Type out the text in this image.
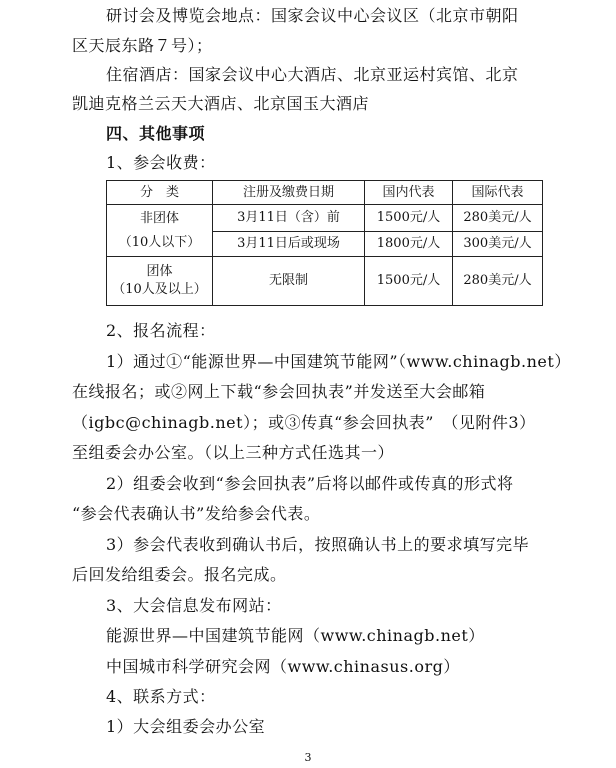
研讨会及博览会地点：国家会议中心会议区（北京市朝阳
区天辰东路７号）；
住宿酒店：国家会议中心大酒店、北京亚运村宾馆、北京
凯迪克格兰云天大酒店、北京国玉大酒店
四、其他事项
1、参会收费：
分　类	注册及缴费日期	国内代表	国际代表

非团体
（10人以下）	3月11日（含）前	1500元/人	280美元/人
	3月11日后或现场	1800元/人	300美元/人

团体
（10人及以上）	无限制	1500元/人	280美元/人
2、报名流程：
1）通过①“能源世界—中国建筑节能网”（www.chinagb.net）
在线报名；或②网上下载“参会回执表”并发送至大会邮箱
（igbc@chinagb.net）；或③传真“参会回执表”　（见附件3）
至组委会办公室。（以上三种方式任选其一）
2）组委会收到“参会回执表”后将以邮件或传真的形式将
“参会代表确认书”发给参会代表。
3）参会代表收到确认书后，按照确认书上的要求填写完毕
后回发给组委会。报名完成。
3、大会信息发布网站：
能源世界—中国建筑节能网（www.chinagb.net）
中国城市科学研究会网（www.chinasus.org）
4、联系方式：
1）大会组委会办公室
3
